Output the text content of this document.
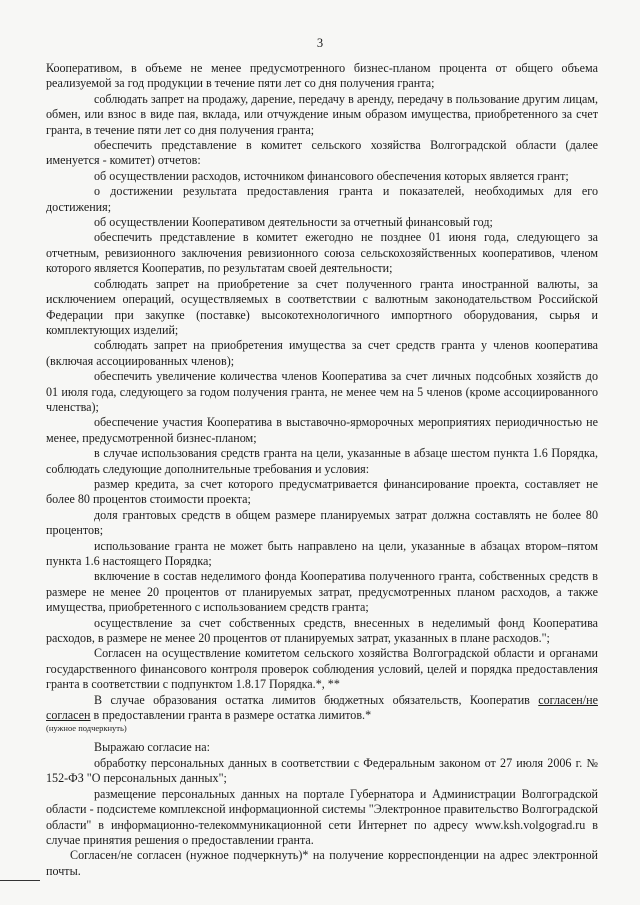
3

Кооперативом, в объеме не менее предусмотренного бизнес-планом процента от общего объема реализуемой за год продукции в течение пяти лет со дня получения гранта;

соблюдать запрет на продажу, дарение, передачу в аренду, передачу в пользование другим лицам, обмен, или взнос в виде пая, вклада, или отчуждение иным образом имущества, приобретенного за счет гранта, в течение пяти лет со дня получения гранта;

обеспечить представление в комитет сельского хозяйства Волгоградской области (далее именуется - комитет) отчетов:

об осуществлении расходов, источником финансового обеспечения которых является грант;

о достижении результата предоставления гранта и показателей, необходимых для его достижения;

об осуществлении Кооперативом деятельности за отчетный финансовый год;

обеспечить представление в комитет ежегодно не позднее 01 июня года, следующего за отчетным, ревизионного заключения ревизионного союза сельскохозяйственных кооперативов, членом которого является Кооператив, по результатам своей деятельности;

соблюдать запрет на приобретение за счет полученного гранта иностранной валюты, за исключением операций, осуществляемых в соответствии с валютным законодательством Российской Федерации при закупке (поставке) высокотехнологичного импортного оборудования, сырья и комплектующих изделий;

соблюдать запрет на приобретения имущества за счет средств гранта у членов кооператива (включая ассоциированных членов);

обеспечить увеличение количества членов Кооператива за счет личных подсобных хозяйств до 01 июля года, следующего за годом получения гранта, не менее чем на 5 членов (кроме ассоциированного членства);

обеспечение участия Кооператива в выставочно-ярморочных мероприятиях периодичностью не менее, предусмотренной бизнес-планом;

в случае использования средств гранта на цели, указанные в абзаце шестом пункта 1.6 Порядка, соблюдать следующие дополнительные требования и условия:

размер кредита, за счет которого предусматривается финансирование проекта, составляет не более 80 процентов стоимости проекта;

доля грантовых средств в общем размере планируемых затрат должна составлять не более 80 процентов;

использование гранта не может быть направлено на цели, указанные в абзацах втором–пятом пункта 1.6 настоящего Порядка;

включение в состав неделимого фонда Кооператива полученного гранта, собственных средств в размере не менее 20 процентов от планируемых затрат, предусмотренных планом расходов, а также имущества, приобретенного с использованием средств гранта;

осуществление за счет собственных средств, внесенных в неделимый фонд Кооператива расходов, в размере не менее 20 процентов от планируемых затрат, указанных в плане расходов.";

Согласен на осуществление комитетом сельского хозяйства Волгоградской области и органами государственного финансового контроля проверок соблюдения условий, целей и порядка предоставления гранта в соответствии с подпунктом 1.8.17 Порядка.*, **

В случае образования остатка лимитов бюджетных обязательств, Кооператив согласен/не согласен в предоставлении гранта в размере остатка лимитов.*

(нужное подчеркнуть)

Выражаю согласие на:

обработку персональных данных в соответствии с Федеральным законом от 27 июля 2006 г. № 152-ФЗ "О персональных данных";

размещение персональных данных на портале Губернатора и Администрации Волгоградской области - подсистеме комплексной информационной системы "Электронное правительство Волгоградской области" в информационно-телекоммуникационной сети Интернет по адресу www.ksh.volgograd.ru в случае принятия решения о предоставлении гранта.

Согласен/не согласен (нужное подчеркнуть)* на получение корреспонденции на адрес электронной почты.
